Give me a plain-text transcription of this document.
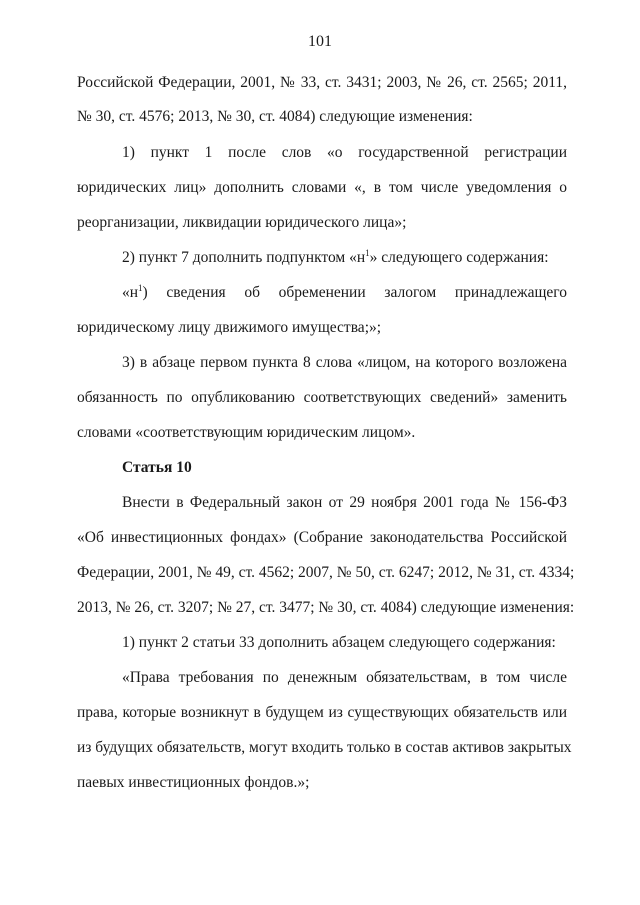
101
Российской Федерации, 2001, № 33, ст. 3431; 2003, № 26, ст. 2565; 2011,
№ 30, ст. 4576; 2013, № 30, ст. 4084) следующие изменения:
1) пункт 1 после слов «о государственной регистрации
юридических лиц» дополнить словами «, в том числе уведомления о
реорганизации, ликвидации юридического лица»;
2) пункт 7 дополнить подпунктом «$н^1$» следующего содержания:
«$н^1$) сведения об обременении залогом принадлежащего
юридическому лицу движимого имущества;»;
3) в абзаце первом пункта 8 слова «лицом, на которого возложена
обязанность по опубликованию соответствующих сведений» заменить
словами «соответствующим юридическим лицом».
Статья 10
Внести в Федеральный закон от 29 ноября 2001 года № 156-ФЗ
«Об инвестиционных фондах» (Собрание законодательства Российской
Федерации, 2001, № 49, ст. 4562; 2007, № 50, ст. 6247; 2012, № 31, ст. 4334;
2013, № 26, ст. 3207; № 27, ст. 3477; № 30, ст. 4084) следующие изменения:
1) пункт 2 статьи 33 дополнить абзацем следующего содержания:
«Права требования по денежным обязательствам, в том числе
права, которые возникнут в будущем из существующих обязательств или
из будущих обязательств, могут входить только в состав активов закрытых
паевых инвестиционных фондов.»;
